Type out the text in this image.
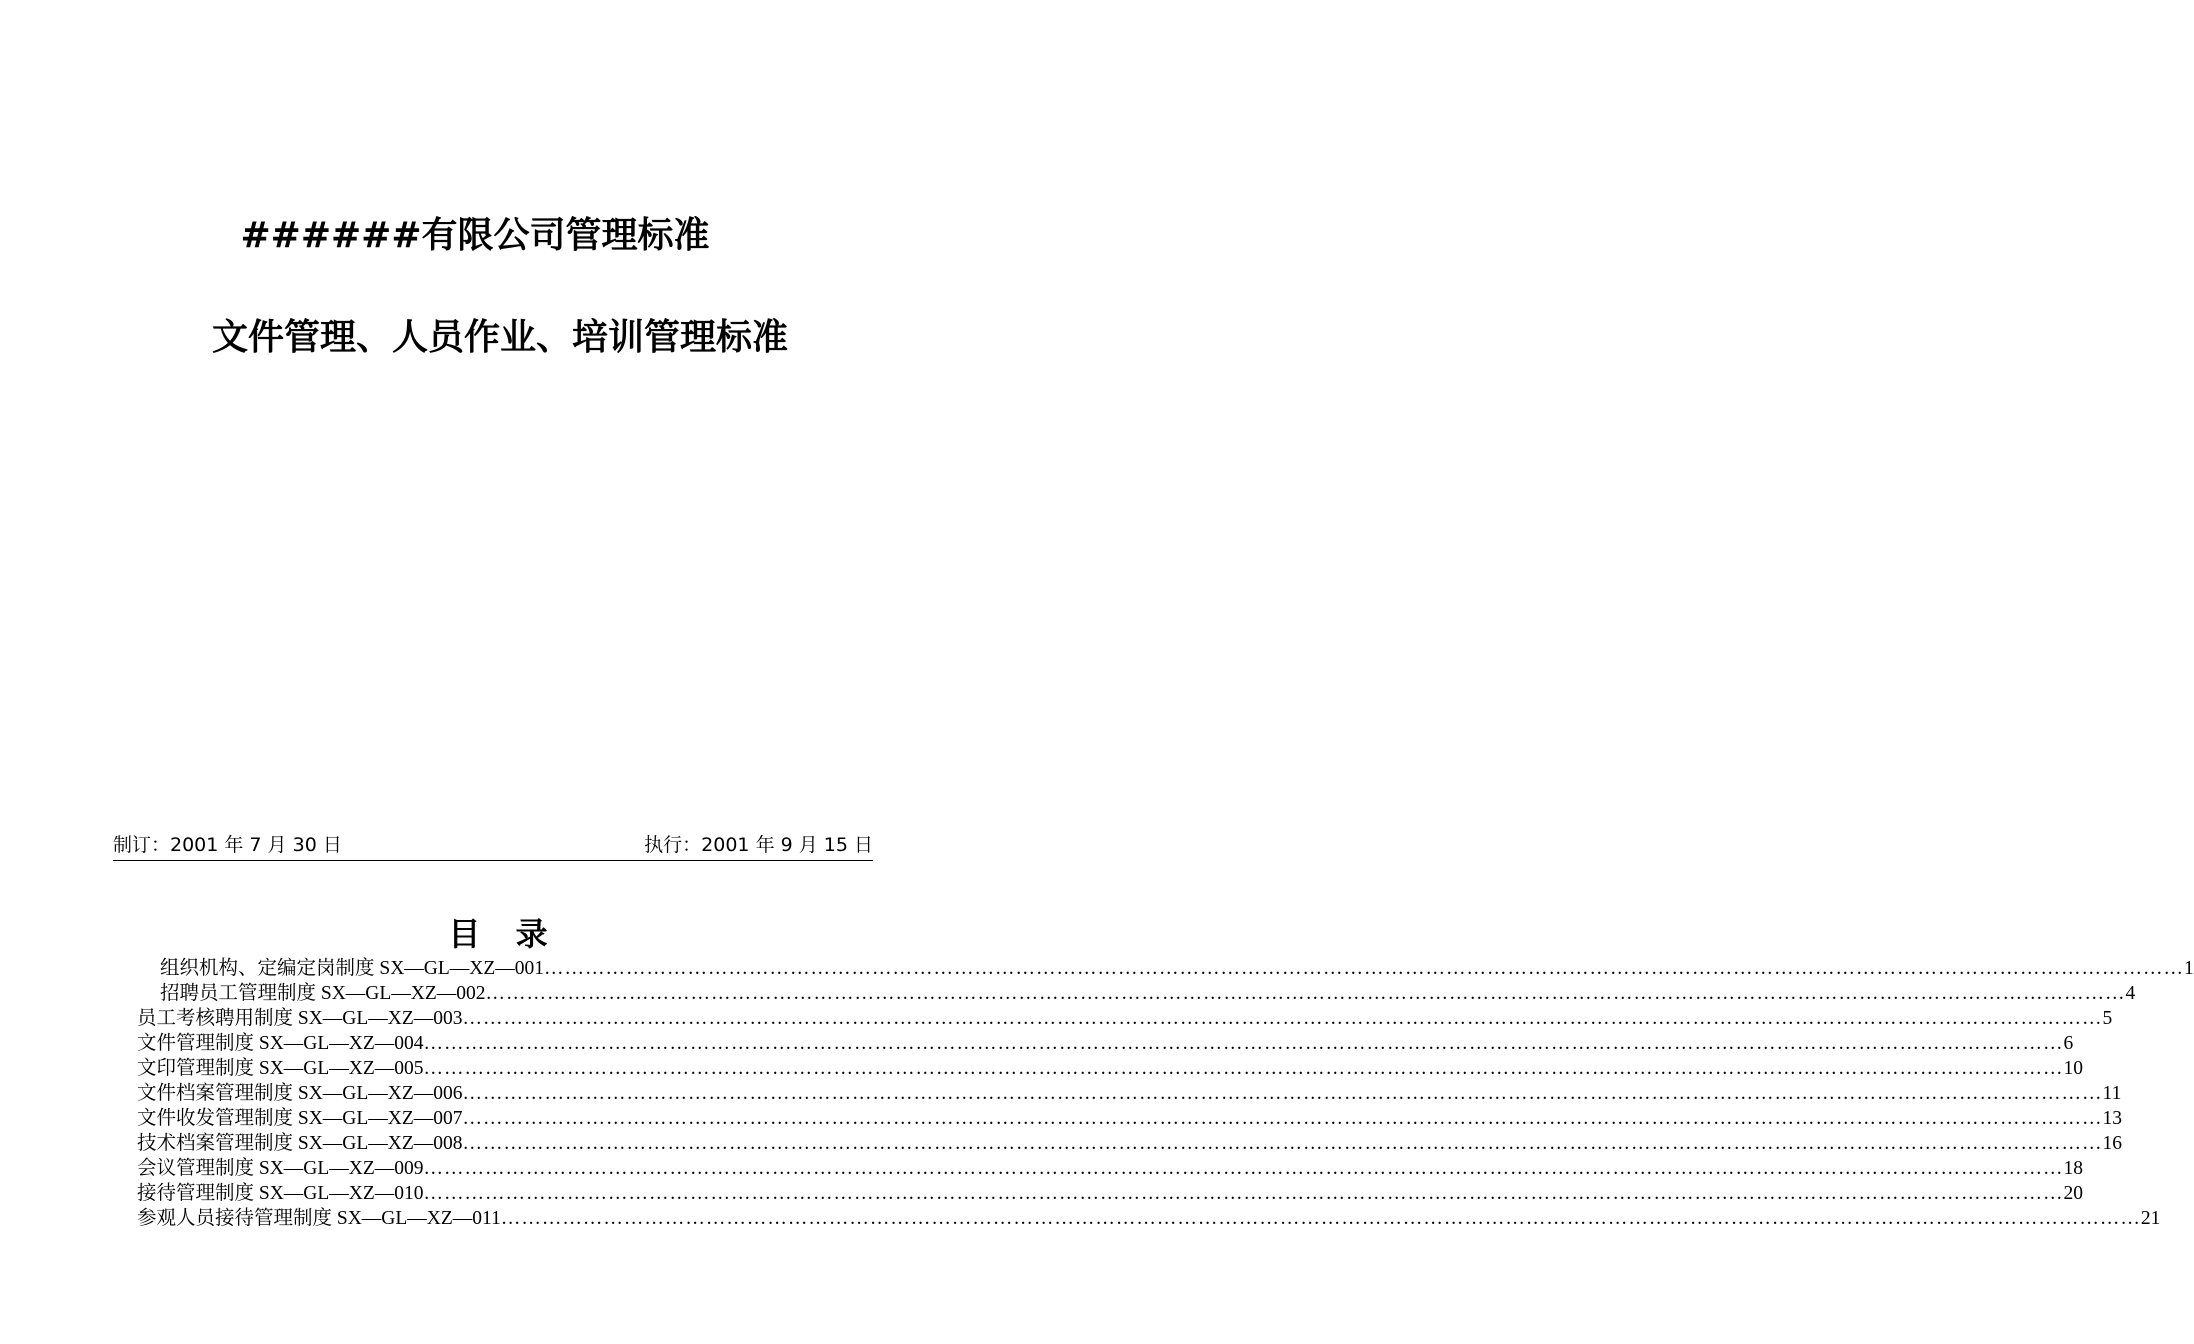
######有限公司管理标准
文件管理、人员作业、培训管理标准
制订：2001 年 7 月 30 日	执行：2001 年 9 月 15 日
目 录
组织机构、定编定岗制度 SX—GL—XZ—001 …………………………………………………………………………………………………………………………………………………………………………………………………………………… 1
招聘员工管理制度 SX—GL—XZ—002 …………………………………………………………………………………………………………………………………………………………………………………………………………………… 4
员工考核聘用制度 SX—GL—XZ—003 …………………………………………………………………………………………………………………………………………………………………………………………………………………… 5
文件管理制度 SX—GL—XZ—004 …………………………………………………………………………………………………………………………………………………………………………………………………………………… 6
文印管理制度 SX—GL—XZ—005 …………………………………………………………………………………………………………………………………………………………………………………………………………………… 10
文件档案管理制度 SX—GL—XZ—006 …………………………………………………………………………………………………………………………………………………………………………………………………………………… 11
文件收发管理制度 SX—GL—XZ—007 …………………………………………………………………………………………………………………………………………………………………………………………………………………… 13
技术档案管理制度 SX—GL—XZ—008 …………………………………………………………………………………………………………………………………………………………………………………………………………………… 16
会议管理制度 SX—GL—XZ—009 …………………………………………………………………………………………………………………………………………………………………………………………………………………… 18
接待管理制度 SX—GL—XZ—010 …………………………………………………………………………………………………………………………………………………………………………………………………………………… 20
参观人员接待管理制度 SX—GL—XZ—011 …………………………………………………………………………………………………………………………………………………………………………………………………………………… 21
